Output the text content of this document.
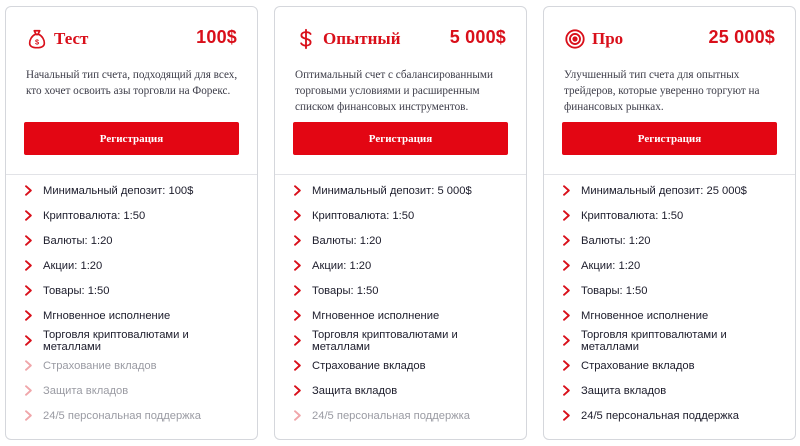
$ Тест	100$

Начальный тип счета, подходящий для всех, кто хочет освоить азы торговли на Форекс.

Регистрация
Минимальный депозит: 100$
Криптовалюта: 1:50
Валюты: 1:20
Акции: 1:20
Товары: 1:50
Мгновенное исполнение
Торговля криптовалютами и металлами
Страхование вкладов
Защита вкладов
24/5 персональная поддержка
Опытный	5 000$

Оптимальный счет с сбалансированными торговыми условиями и расширенным списком финансовых инструментов.

Регистрация
Минимальный депозит: 5 000$
Криптовалюта: 1:50
Валюты: 1:20
Акции: 1:20
Товары: 1:50
Мгновенное исполнение
Торговля криптовалютами и металлами
Страхование вкладов
Защита вкладов
24/5 персональная поддержка
Про	25 000$

Улучшенный тип счета для опытных трейдеров, которые уверенно торгуют на финансовых рынках.

Регистрация
Минимальный депозит: 25 000$
Криптовалюта: 1:50
Валюты: 1:20
Акции: 1:20
Товары: 1:50
Мгновенное исполнение
Торговля криптовалютами и металлами
Страхование вкладов
Защита вкладов
24/5 персональная поддержка
